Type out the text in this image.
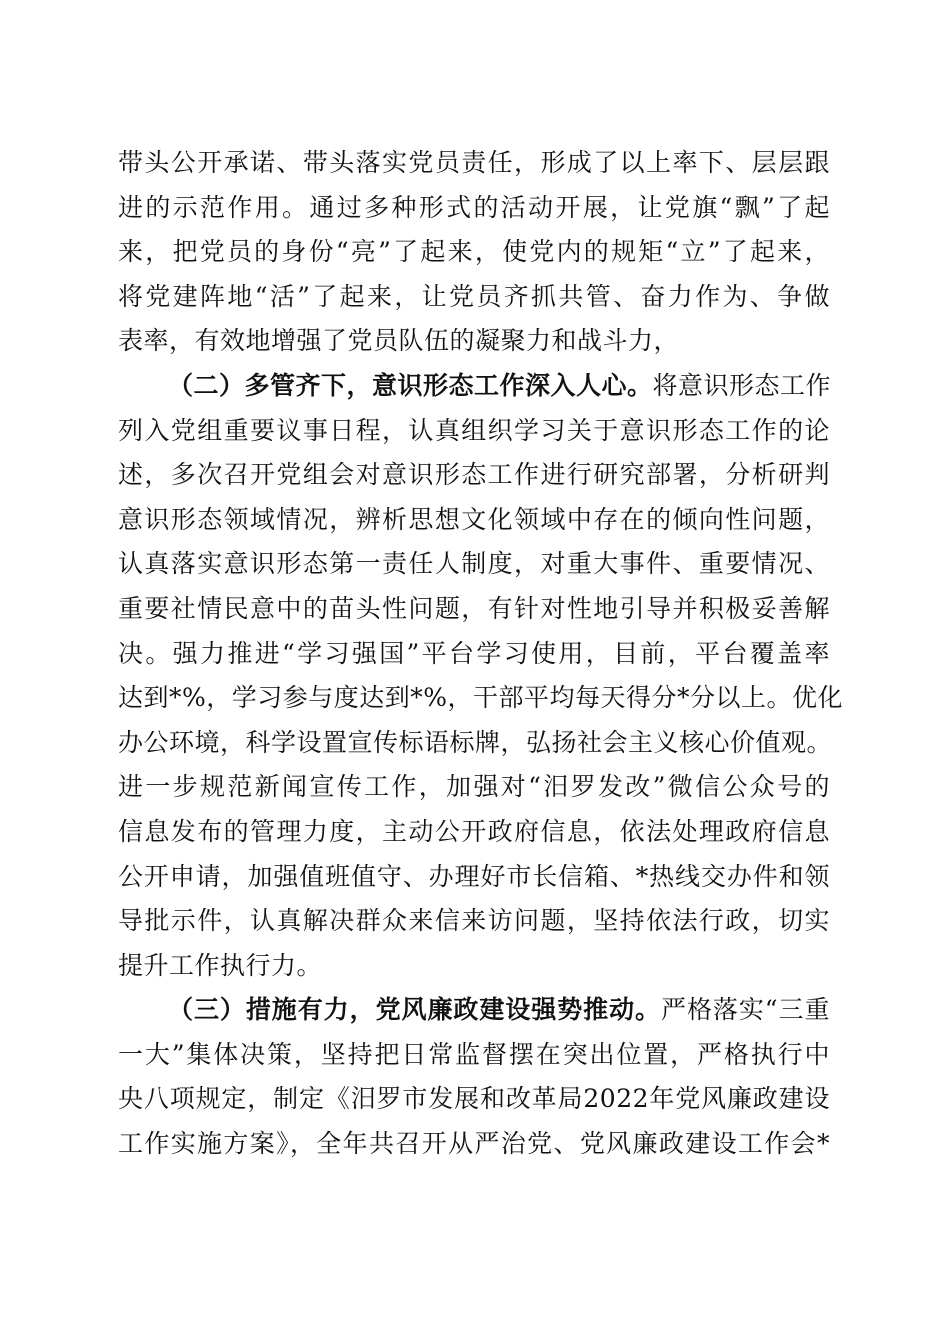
带头公开承诺、带头落实党员责任，形成了以上率下、层层跟
进的示范作用。通过多种形式的活动开展，让党旗“飘”了起
来，把党员的身份“亮”了起来，使党内的规矩“立”了起来，
将党建阵地“活”了起来，让党员齐抓共管、奋力作为、争做
表率，有效地增强了党员队伍的凝聚力和战斗力，
（二）多管齐下，意识形态工作深入人心。将意识形态工作
列入党组重要议事日程，认真组织学习关于意识形态工作的论
述，多次召开党组会对意识形态工作进行研究部署，分析研判
意识形态领域情况，辨析思想文化领域中存在的倾向性问题，
认真落实意识形态第一责任人制度，对重大事件、重要情况、
重要社情民意中的苗头性问题，有针对性地引导并积极妥善解
决。强力推进“学习强国”平台学习使用，目前，平台覆盖率
达到*%，学习参与度达到*%，干部平均每天得分*分以上。优化
办公环境，科学设置宣传标语标牌，弘扬社会主义核心价值观。
进一步规范新闻宣传工作，加强对“汨罗发改”微信公众号的
信息发布的管理力度，主动公开政府信息，依法处理政府信息
公开申请，加强值班值守、办理好市长信箱、*热线交办件和领
导批示件，认真解决群众来信来访问题，坚持依法行政，切实
提升工作执行力。
（三）措施有力，党风廉政建设强势推动。严格落实“三重
一大”集体决策，坚持把日常监督摆在突出位置，严格执行中
央八项规定，制定《汨罗市发展和改革局2022年党风廉政建设
工作实施方案》，全年共召开从严治党、党风廉政建设工作会*
